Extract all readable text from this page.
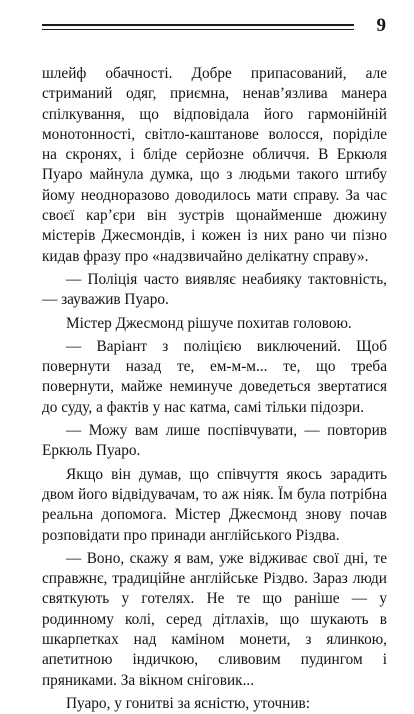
9

шлейф обачності. Добре припасований, але стриманий одяг, приємна, ненав’язлива манера спілкування, що відповідала його гармонійній монотонності, світло-каштанове волосся, поріділе на скронях, і бліде серйозне обличчя. В Еркюля Пуаро майнула думка, що з людьми такого штибу йому неодноразово доводилось мати справу. За час своєї кар’єри він зустрів щонайменше дюжину містерів Джесмондів, і кожен із них рано чи пізно кидав фразу про «надзвичайно делікатну справу».

— Поліція часто виявляє неабияку тактовність, — зауважив Пуаро.

Містер Джесмонд рішуче похитав головою.

— Варіант з поліцією виключений. Щоб повернути назад те, ем-м-м... те, що треба повернути, майже неминуче доведеться звертатися до суду, а фактів у нас катма, самі тільки підозри.

— Можу вам лише поспівчувати, — повторив Еркюль Пуаро.

Якщо він думав, що співчуття якось зарадить двом його відвідувачам, то аж ніяк. Їм була потрібна реальна допомога. Містер Джесмонд знову почав розповідати про принади англійського Різдва.

— Воно, скажу я вам, уже відживає свої дні, те справжнє, традиційне англійське Різдво. Зараз люди святкують у готелях. Не те що раніше — у родинному колі, серед дітлахів, що шукають в шкарпетках над каміном монети, з ялинкою, апетитною індичкою, сливовим пудингом і пряниками. За вікном сніговик...

Пуаро, у гонитві за ясністю, уточнив:
